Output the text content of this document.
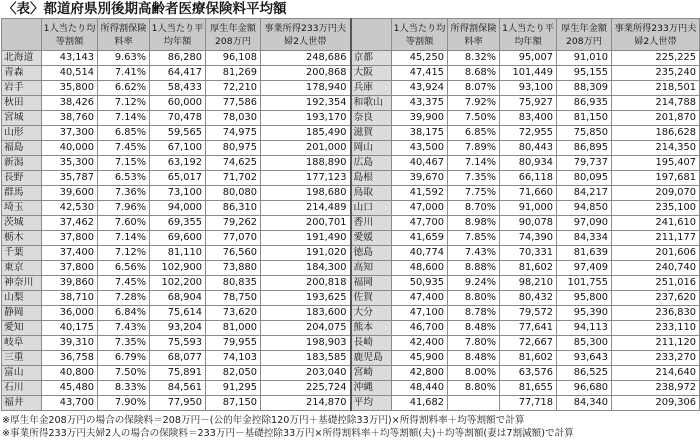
〈表〉都道府県別後期高齢者医療保険料平均額
	1人当たり均等割額	所得割保険料率	1人当たり平均年額	厚生年金額208万円	事業所得233万円夫婦2人世帯		1人当たり均等割額	所得割保険料率	1人当たり平均年額	厚生年金額208万円	事業所得233万円夫婦2人世帯
北海道	43,143	9.63%	86,280	96,108	248,686	京都	45,250	8.32%	95,007	91,010	225,225
青森	40,514	7.41%	64,417	81,269	200,868	大阪	47,415	8.68%	101,449	95,155	235,240
岩手	35,800	6.62%	58,433	72,210	178,940	兵庫	43,924	8.07%	93,100	88,309	218,501
秋田	38,426	7.12%	60,000	77,586	192,354	和歌山	43,375	7.92%	75,927	86,935	214,788
宮城	38,760	7.14%	70,478	78,030	193,170	奈良	39,900	7.50%	83,400	81,150	201,870
山形	37,300	6.85%	59,565	74,975	185,490	滋賀	38,175	6.85%	72,955	75,850	186,628
福島	40,000	7.45%	67,100	80,975	201,000	岡山	43,500	7.89%	80,443	86,895	214,350
新潟	35,300	7.15%	63,192	74,625	188,890	広島	40,467	7.14%	80,934	79,737	195,407
長野	35,787	6.53%	65,017	71,702	177,123	島根	39,670	7.35%	66,118	80,095	197,681
群馬	39,600	7.36%	73,100	80,080	198,680	鳥取	41,592	7.75%	71,660	84,217	209,070
埼玉	42,530	7.96%	94,000	86,310	214,489	山口	47,000	8.70%	91,000	94,850	235,100
茨城	37,462	7.60%	69,355	79,262	200,701	香川	47,700	8.98%	90,078	97,090	241,610
栃木	37,800	7.14%	69,600	77,070	191,490	愛媛	41,659	7.85%	74,390	84,334	211,177
千葉	37,400	7.12%	81,110	76,560	191,020	徳島	40,774	7.43%	70,331	81,639	201,606
東京	37,800	6.56%	102,900	73,880	184,300	高知	48,600	8.88%	81,602	97,409	240,740
神奈川	39,860	7.45%	102,200	80,835	200,818	福岡	50,935	9.24%	98,210	101,755	251,016
山梨	38,710	7.28%	68,904	78,750	193,625	佐賀	47,400	8.80%	80,432	95,800	237,620
静岡	36,000	6.84%	75,614	73,620	183,600	大分	47,100	8.78%	79,572	95,390	236,830
愛知	40,175	7.43%	93,204	81,000	204,075	熊本	46,700	8.48%	77,641	94,113	233,110
岐阜	39,310	7.35%	75,593	79,955	198,903	長崎	42,400	7.80%	72,667	85,300	211,120
三重	36,758	6.79%	68,077	74,103	183,585	鹿児島	45,900	8.48%	81,602	93,643	233,270
富山	40,800	7.50%	75,891	82,050	203,040	宮崎	42,800	8.00%	63,576	86,525	214,640
石川	45,480	8.33%	84,561	91,295	225,724	沖縄	48,440	8.80%	81,655	96,680	238,972
福井	43,700	7.90%	77,950	87,150	214,870	平均	41,682		77,718	84,340	209,306
※厚生年金208万円の場合の保険料＝208万円－(公的年金控除120万円＋基礎控除33万円)×所得割料率＋均等割額で計算
※事業所得233万円夫婦2人の場合の保険料＝233万円－基礎控除33万円×所得割料率＋均等割額(夫)＋均等割額(妻は7割減額)で計算
